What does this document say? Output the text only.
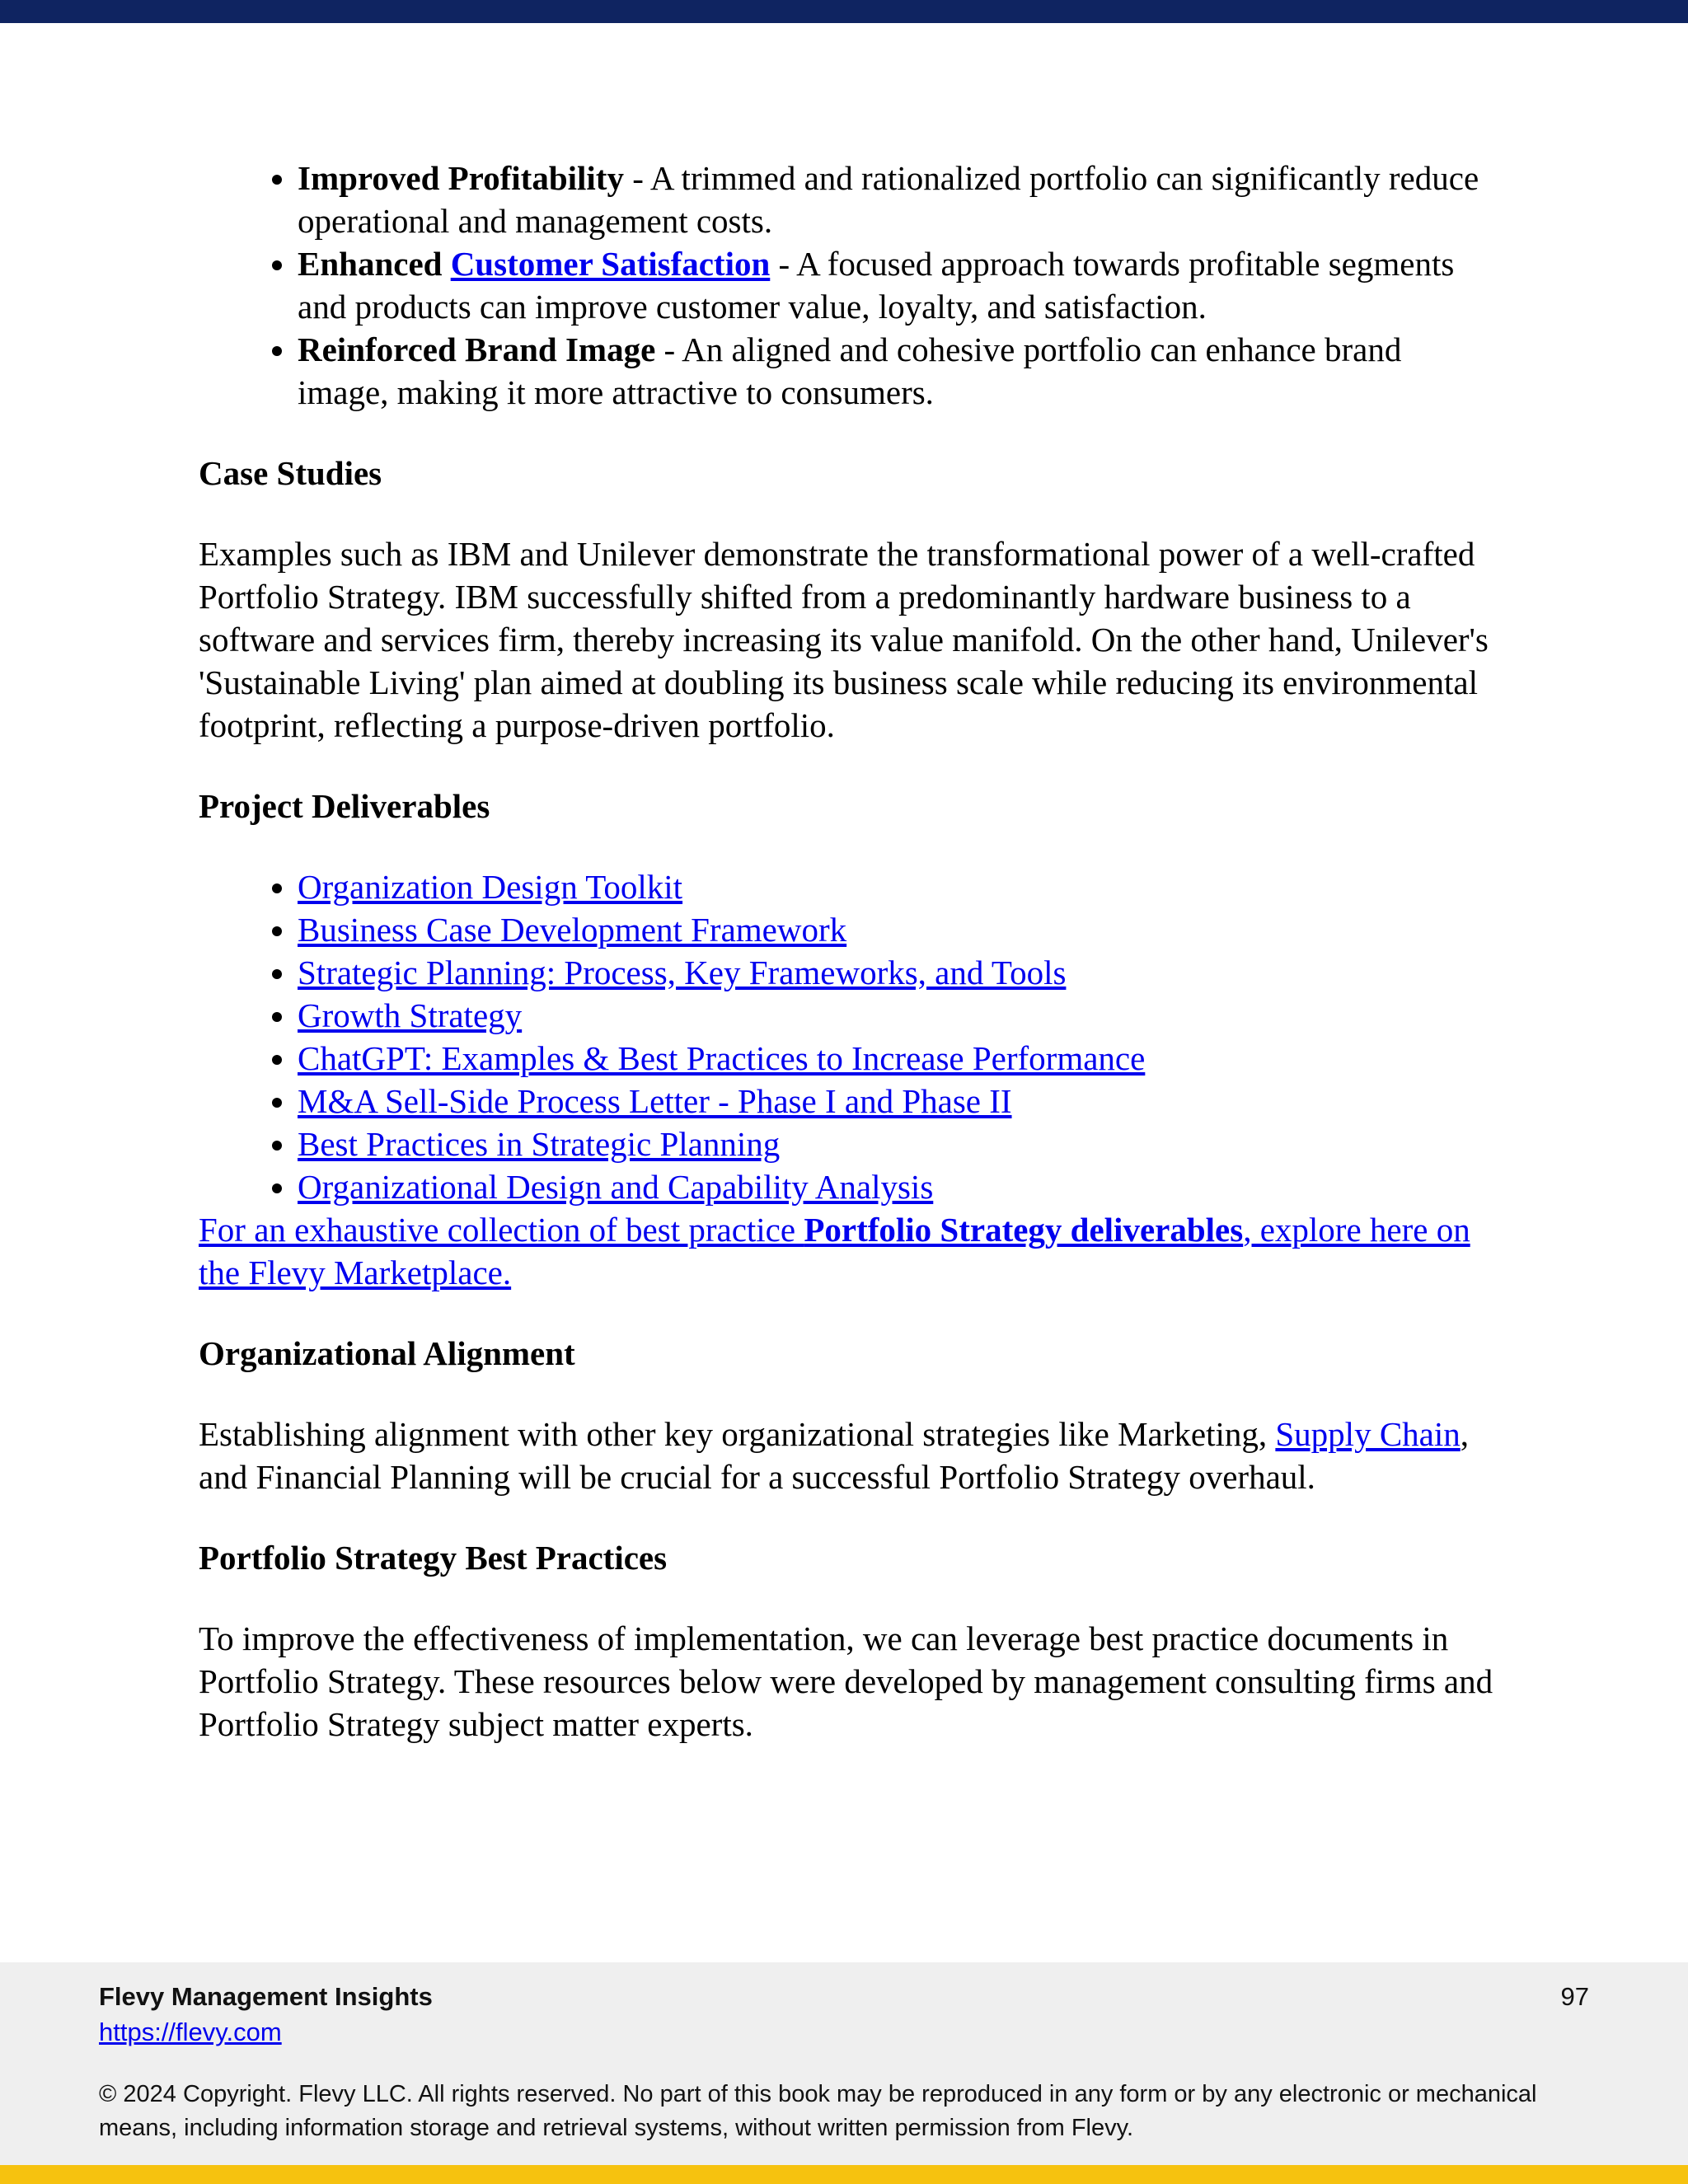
• Improved Profitability - A trimmed and rationalized portfolio can significantly reduce operational and management costs.
• Enhanced Customer Satisfaction - A focused approach towards profitable segments and products can improve customer value, loyalty, and satisfaction.
• Reinforced Brand Image - An aligned and cohesive portfolio can enhance brand image, making it more attractive to consumers.
Case Studies

Examples such as IBM and Unilever demonstrate the transformational power of a well-crafted Portfolio Strategy. IBM successfully shifted from a predominantly hardware business to a software and services firm, thereby increasing its value manifold. On the other hand, Unilever's 'Sustainable Living' plan aimed at doubling its business scale while reducing its environmental footprint, reflecting a purpose-driven portfolio.

Project Deliverables
• Organization Design Toolkit
• Business Case Development Framework
• Strategic Planning: Process, Key Frameworks, and Tools
• Growth Strategy
• ChatGPT: Examples & Best Practices to Increase Performance
• M&A Sell-Side Process Letter - Phase I and Phase II
• Best Practices in Strategic Planning
• Organizational Design and Capability Analysis

For an exhaustive collection of best practice Portfolio Strategy deliverables, explore here on the Flevy Marketplace.

Organizational Alignment

Establishing alignment with other key organizational strategies like Marketing, Supply Chain, and Financial Planning will be crucial for a successful Portfolio Strategy overhaul.

Portfolio Strategy Best Practices

To improve the effectiveness of implementation, we can leverage best practice documents in Portfolio Strategy. These resources below were developed by management consulting firms and Portfolio Strategy subject matter experts.

Flevy Management Insights
https://flevy.com
97
© 2024 Copyright. Flevy LLC. All rights reserved. No part of this book may be reproduced in any form or by any electronic or mechanical means, including information storage and retrieval systems, without written permission from Flevy.
